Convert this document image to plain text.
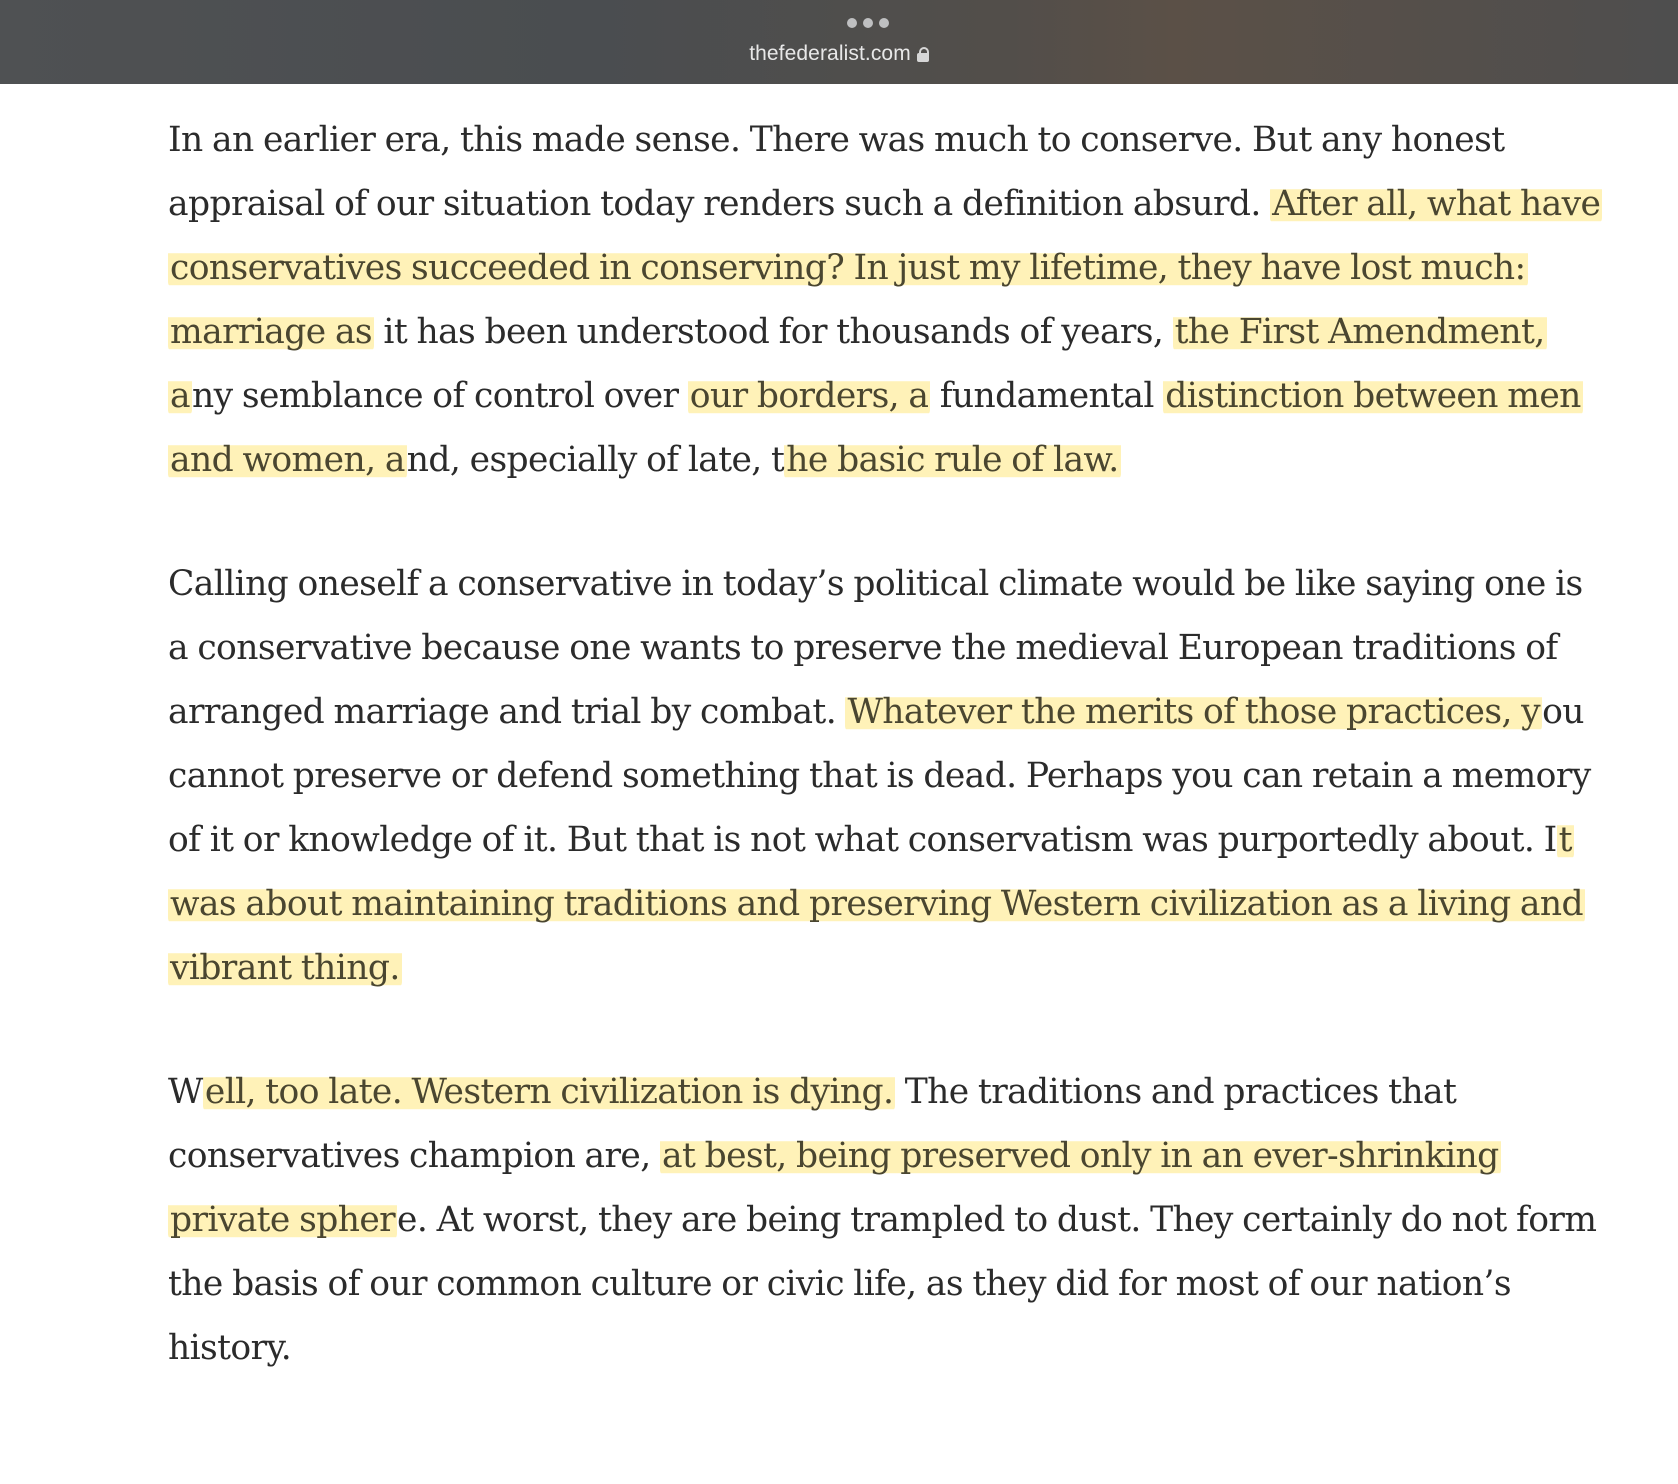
thefederalist.com

In an earlier era, this made sense. There was much to conserve. But any honest appraisal of our situation today renders such a definition absurd. After all, what have conservatives succeeded in conserving? In just my lifetime, they have lost much: marriage as it has been understood for thousands of years, the First Amendment, any semblance of control over our borders, a fundamental distinction between men and women, and, especially of late, the basic rule of law.

Calling oneself a conservative in today’s political climate would be like saying one is a conservative because one wants to preserve the medieval European traditions of arranged marriage and trial by combat. Whatever the merits of those practices, you cannot preserve or defend something that is dead. Perhaps you can retain a memory of it or knowledge of it. But that is not what conservatism was purportedly about. It was about maintaining traditions and preserving Western civilization as a living and vibrant thing.

Well, too late. Western civilization is dying. The traditions and practices that conservatives champion are, at best, being preserved only in an ever-shrinking private sphere. At worst, they are being trampled to dust. They certainly do not form the basis of our common culture or civic life, as they did for most of our nation’s history.
